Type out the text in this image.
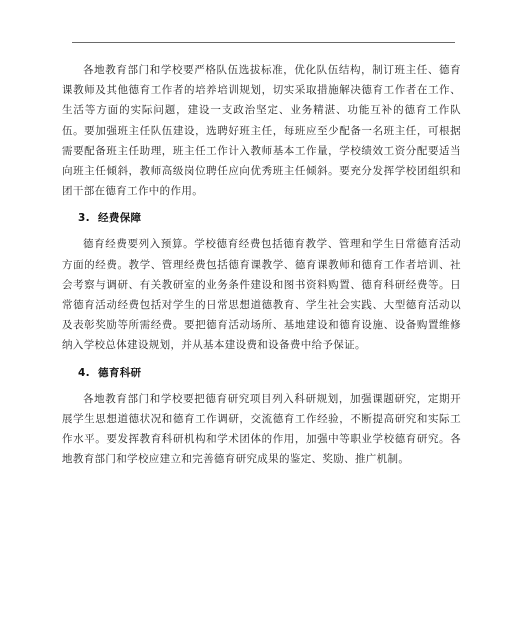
各地教育部门和学校要严格队伍选拔标准，优化队伍结构，制订班主任、德育课教师及其他德育工作者的培养培训规划，切实采取措施解决德育工作者在工作、生活等方面的实际问题，建设一支政治坚定、业务精湛、功能互补的德育工作队伍。要加强班主任队伍建设，选聘好班主任，每班应至少配备一名班主任，可根据需要配备班主任助理，班主任工作计入教师基本工作量，学校绩效工资分配要适当向班主任倾斜，教师高级岗位聘任应向优秀班主任倾斜。要充分发挥学校团组织和团干部在德育工作中的作用。

3. 经费保障

德育经费要列入预算。学校德育经费包括德育教学、管理和学生日常德育活动方面的经费。教学、管理经费包括德育课教学、德育课教师和德育工作者培训、社会考察与调研、有关教研室的业务条件建设和图书资料购置、德育科研经费等。日常德育活动经费包括对学生的日常思想道德教育、学生社会实践、大型德育活动以及表彰奖励等所需经费。要把德育活动场所、基地建设和德育设施、设备购置维修纳入学校总体建设规划，并从基本建设费和设备费中给予保证。

4. 德育科研

各地教育部门和学校要把德育研究项目列入科研规划，加强课题研究，定期开展学生思想道德状况和德育工作调研，交流德育工作经验，不断提高研究和实际工作水平。要发挥教育科研机构和学术团体的作用，加强中等职业学校德育研究。各地教育部门和学校应建立和完善德育研究成果的鉴定、奖励、推广机制。
